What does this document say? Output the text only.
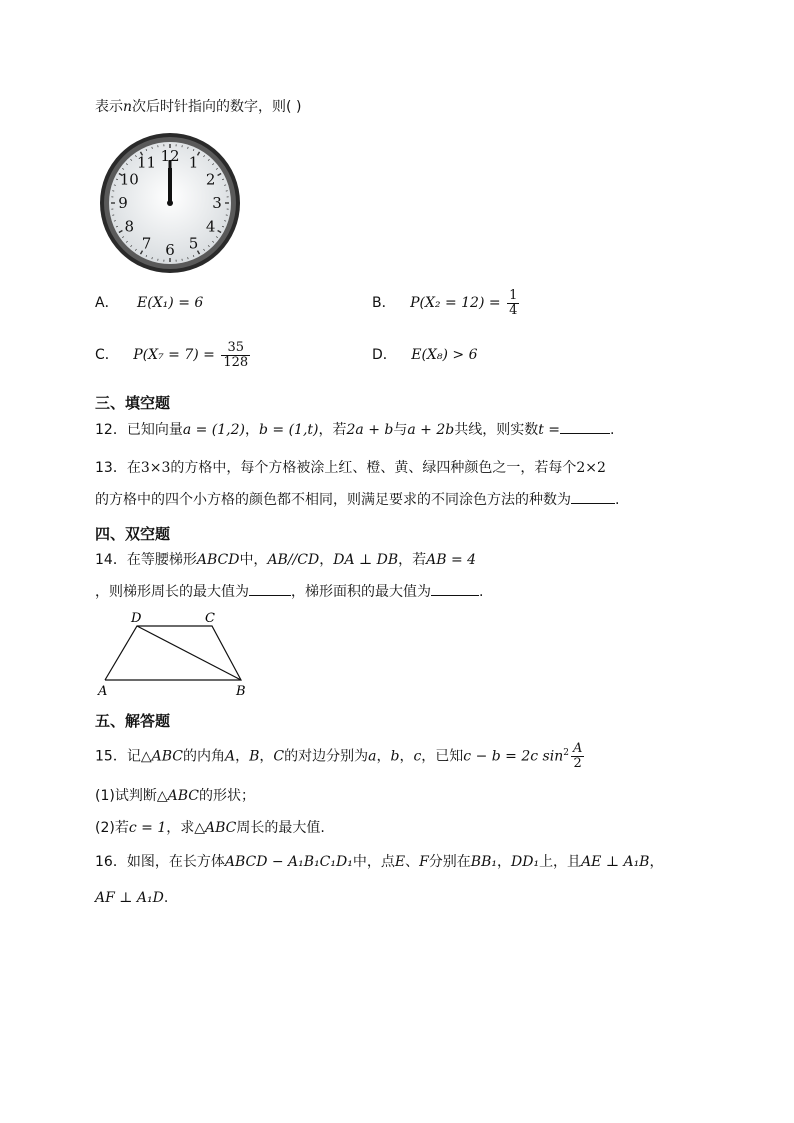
表示n次后时针指向的数字，则( )
12 1
2
3
4
5
6
7
8
9
10
11
A． E(X₁) = 6	B． $P(X_2 = 12) = \frac{1}{4}$
C． $P(X_7 = 7) = \frac{35}{128}$	D． E(X₈) > 6
三、填空题
12．已知向量a = (1,2)，b = (1,t)，若2a + b与a + 2b共线，则实数t =	.
13．在3×3的方格中，每个方格被涂上红、橙、黄、绿四种颜色之一，若每个2×2
的方格中的四个小方格的颜色都不相同，则满足要求的不同涂色方法的种数为	.
四、双空题
14．在等腰梯形ABCD中，AB//CD，DA ⊥ DB，若AB = 4
，则梯形周长的最大值为	，梯形面积的最大值为	.
D	C
A	B
五、解答题
15．记△ABC的内角A，B，C的对边分别为a，b，c，已知c − b = 2c $\sin^2 \frac{A}{2}$
(1)试判断△ABC的形状；
(2)若c = 1，求△ABC周长的最大值.
16．如图，在长方体ABCD − A₁B₁C₁D₁中，点E、F分别在BB₁，DD₁上，且AE ⊥ A₁B，
AF ⊥ A₁D.
